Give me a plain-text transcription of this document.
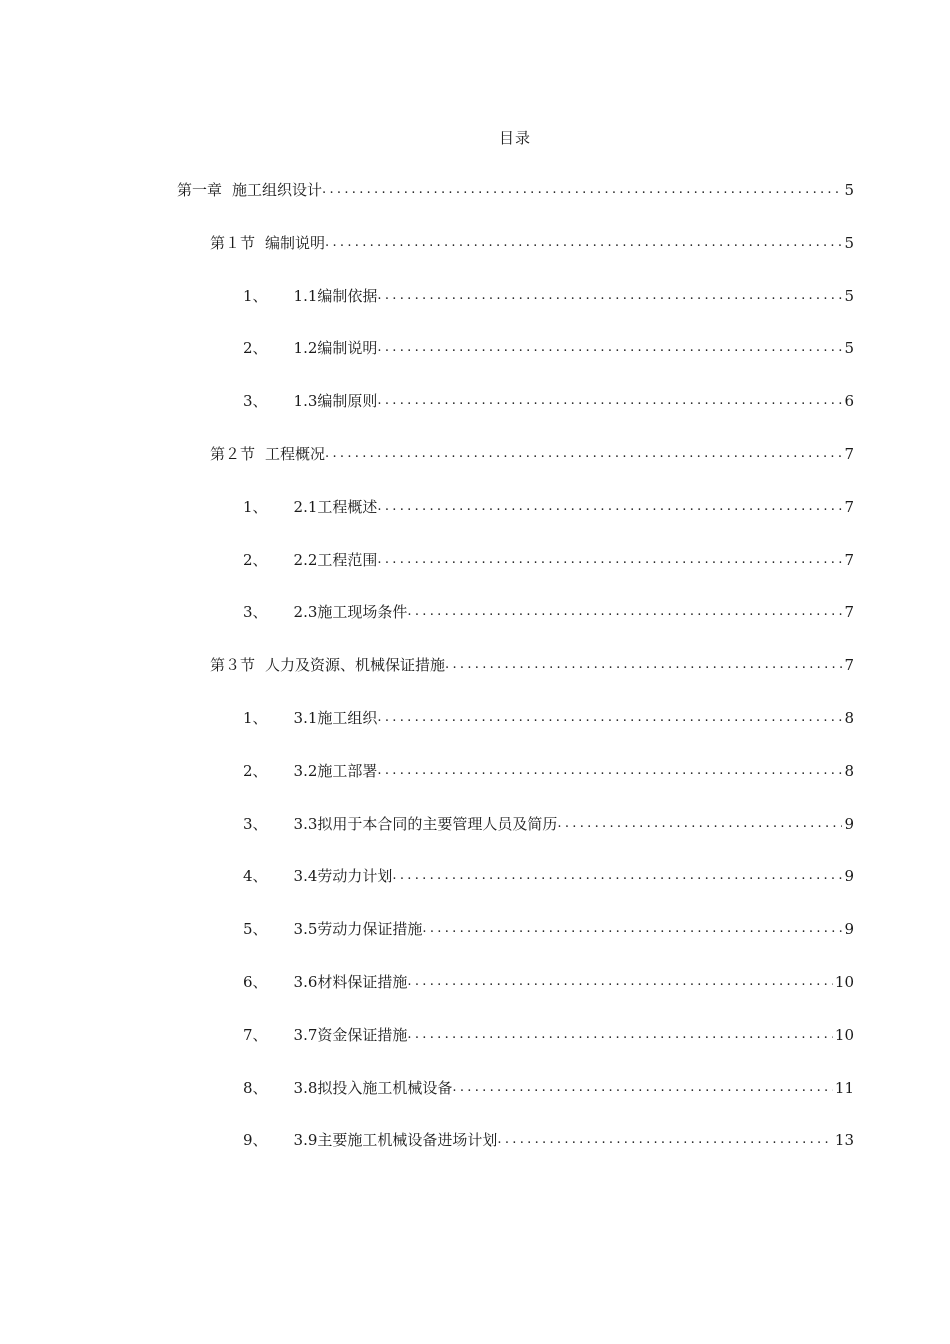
目录
第一章 施工组织设计 .....	5
第１节 编制说明 .....	5
1、 1.1 编制依据 .....	5
2、 1.2 编制说明 .....	5
3、 1.3 编制原则 .....	6
第２节 工程概况 .....	7
1、 2.1 工程概述 .....	7
2、 2.2 工程范围 .....	7
3、 2.3 施工现场条件 .....	7
第３节 人力及资源、机械保证措施 .....	7
1、 3.1 施工组织 .....	8
2、 3.2 施工部署 .....	8
3、 3.3 拟用于本合同的主要管理人员及简历 .....	9
4、 3.4 劳动力计划 .....	9
5、 3.5 劳动力保证措施 .....	9
6、 3.6 材料保证措施 .....	10
7、 3.7 资金保证措施 .....	10
8、 3.8 拟投入施工机械设备 .....	11
9、 3.9 主要施工机械设备进场计划 .....	13
